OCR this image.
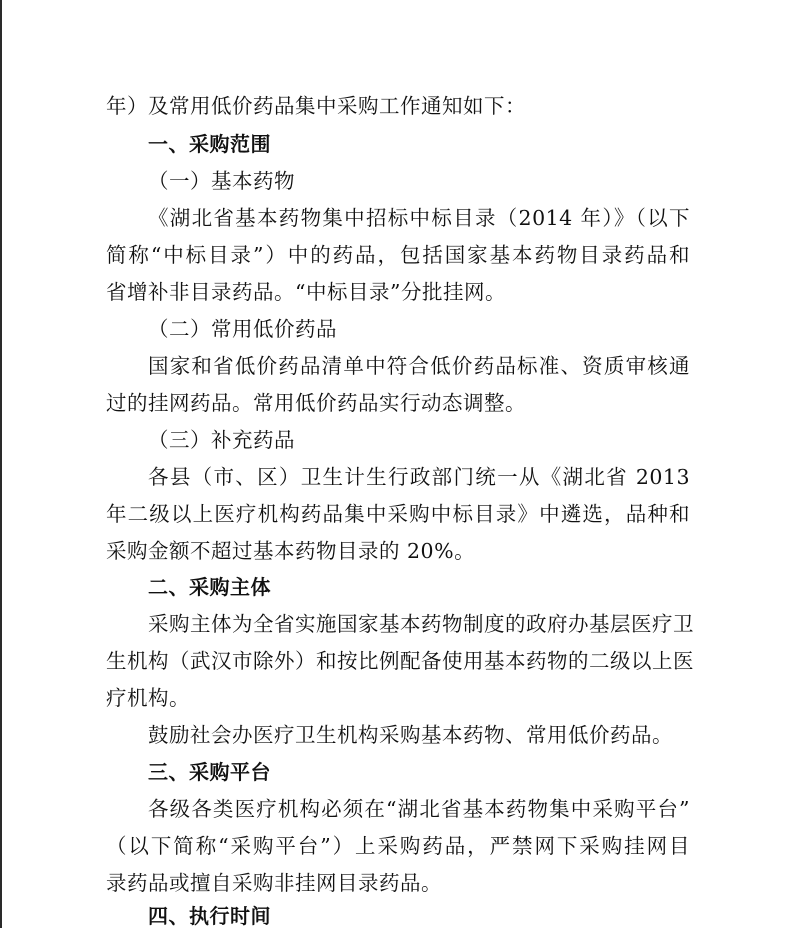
年）及常用低价药品集中采购工作通知如下：
一、采购范围
（一）基本药物
《湖北省基本药物集中招标中标目录（2014 年）》（以下
简称“中标目录”）中的药品，包括国家基本药物目录药品和
省增补非目录药品。“中标目录”分批挂网。
（二）常用低价药品
国家和省低价药品清单中符合低价药品标准、资质审核通
过的挂网药品。常用低价药品实行动态调整。
（三）补充药品
各县（市、区）卫生计生行政部门统一从《湖北省 2013
年二级以上医疗机构药品集中采购中标目录》中遴选，品种和
采购金额不超过基本药物目录的 20%。
二、采购主体
采购主体为全省实施国家基本药物制度的政府办基层医疗卫
生机构（武汉市除外）和按比例配备使用基本药物的二级以上医
疗机构。
鼓励社会办医疗卫生机构采购基本药物、常用低价药品。
三、采购平台
各级各类医疗机构必须在“湖北省基本药物集中采购平台”
（以下简称“采购平台”）上采购药品，严禁网下采购挂网目
录药品或擅自采购非挂网目录药品。
四、执行时间
